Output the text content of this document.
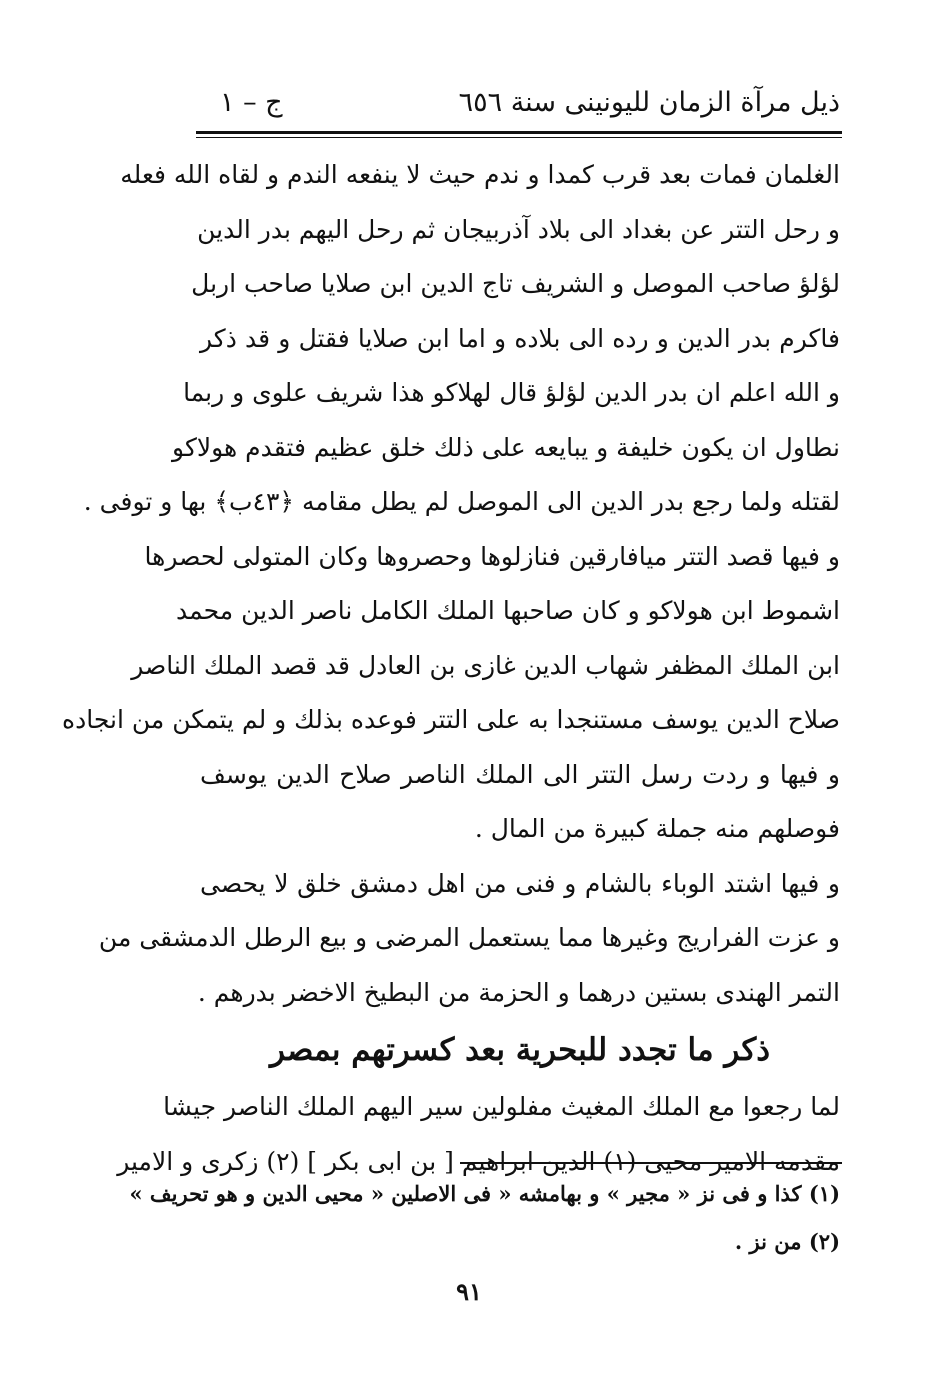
ذيل مرآة الزمان لليونينى سنة ٦٥٦
ج – ١
الغلمان فمات بعد قرب كمدا و ندم حيث لا ينفعه الندم و لقاه الله فعله
و رحل التتر عن بغداد الى بلاد آذربيجان ثم رحل اليهم بدر الدين
لؤلؤ صاحب الموصل و الشريف تاج الدين ابن صلايا صاحب اربل
فاكرم بدر الدين و رده الى بلاده و اما ابن صلايا فقتل و قد ذكر
و الله اعلم ان بدر الدين لؤلؤ قال لهلاكو هذا شريف علوى و ربما
نطاول ان يكون خليفة و يبايعه على ذلك خلق عظيم فتقدم هولاكو
لقتله ولما رجع بدر الدين الى الموصل لم يطل مقامه ﴿٤٣ب﴾ بها و توفى .
و فيها قصد التتر ميافارقين فنازلوها وحصروها وكان المتولى لحصرها
اشموط ابن هولاكو و كان صاحبها الملك الكامل ناصر الدين محمد
ابن الملك المظفر شهاب الدين غازى بن العادل قد قصد الملك الناصر
صلاح الدين يوسف مستنجدا به على التتر فوعده بذلك و لم يتمكن من انجاده
و فيها و ردت رسل التتر الى الملك الناصر صلاح الدين يوسف
فوصلهم منه جملة كبيرة من المال .
و فيها اشتد الوباء بالشام و فنى من اهل دمشق خلق لا يحصى
و عزت الفراريج وغيرها مما يستعمل المرضى و بيع الرطل الدمشقى من
التمر الهندى بستين درهما و الحزمة من البطيخ الاخضر بدرهم .
ذكر ما تجدد للبحرية بعد كسرتهم بمصر
لما رجعوا مع الملك المغيث مفلولين سير اليهم الملك الناصر جيشا
مقدمه الامير محيى (١) الدين ابراهيم [ بن ابى بكر ] (٢) زكرى و الامير
(١) كذا و فى نز « مجير » و بهامشه « فى الاصلين « محيى الدين و هو تحريف »
(٢) من نز .
٩١
